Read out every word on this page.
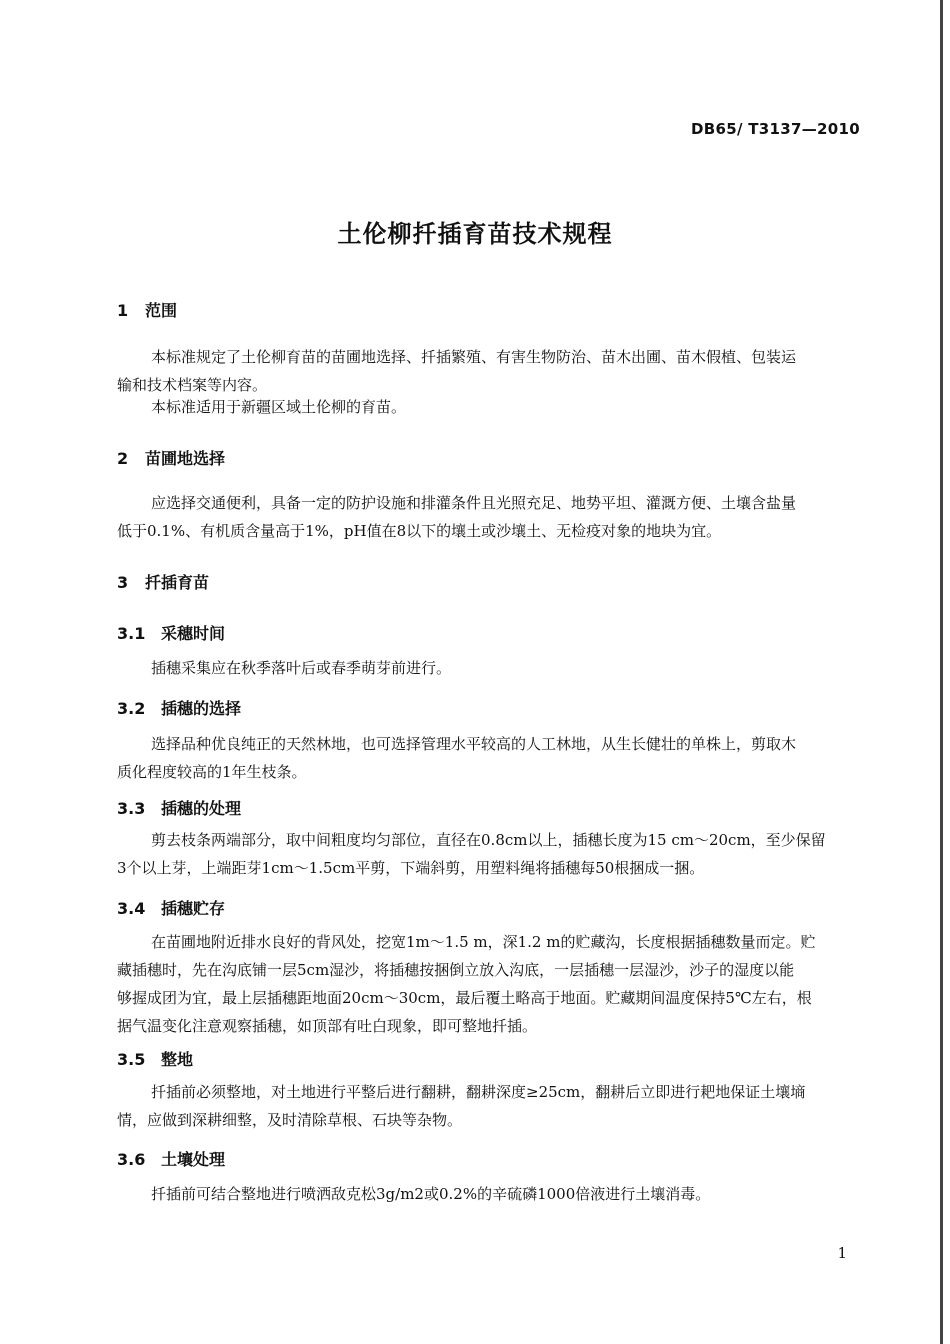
DB65/ T3137—2010
土伦柳扦插育苗技术规程
1 范围
本标准规定了土伦柳育苗的苗圃地选择、扦插繁殖、有害生物防治、苗木出圃、苗木假植、包装运
输和技术档案等内容。
本标准适用于新疆区域土伦柳的育苗。
2 苗圃地选择
应选择交通便利，具备一定的防护设施和排灌条件且光照充足、地势平坦、灌溉方便、土壤含盐量
低于0.1%、有机质含量高于1%，pH值在8以下的壤土或沙壤土、无检疫对象的地块为宜。
3 扦插育苗
3.1 采穗时间
插穗采集应在秋季落叶后或春季萌芽前进行。
3.2 插穗的选择
选择品种优良纯正的天然林地，也可选择管理水平较高的人工林地，从生长健壮的单株上，剪取木
质化程度较高的1年生枝条。
3.3 插穗的处理
剪去枝条两端部分，取中间粗度均匀部位，直径在0.8cm以上，插穗长度为15 cm～20cm，至少保留
3个以上芽，上端距芽1cm～1.5cm平剪，下端斜剪，用塑料绳将插穗每50根捆成一捆。
3.4 插穗贮存
在苗圃地附近排水良好的背风处，挖宽1m～1.5 m，深1.2 m的贮藏沟，长度根据插穗数量而定。贮
藏插穗时，先在沟底铺一层5cm湿沙，将插穗按捆倒立放入沟底，一层插穗一层湿沙，沙子的湿度以能
够握成团为宜，最上层插穗距地面20cm～30cm，最后覆土略高于地面。贮藏期间温度保持5℃左右，根
据气温变化注意观察插穗，如顶部有吐白现象，即可整地扦插。
3.5 整地
扦插前必须整地，对土地进行平整后进行翻耕，翻耕深度≥25cm，翻耕后立即进行耙地保证土壤墒
情，应做到深耕细整，及时清除草根、石块等杂物。
3.6 土壤处理
扦插前可结合整地进行喷洒敌克松3g/m2或0.2%的辛硫磷1000倍液进行土壤消毒。
1
